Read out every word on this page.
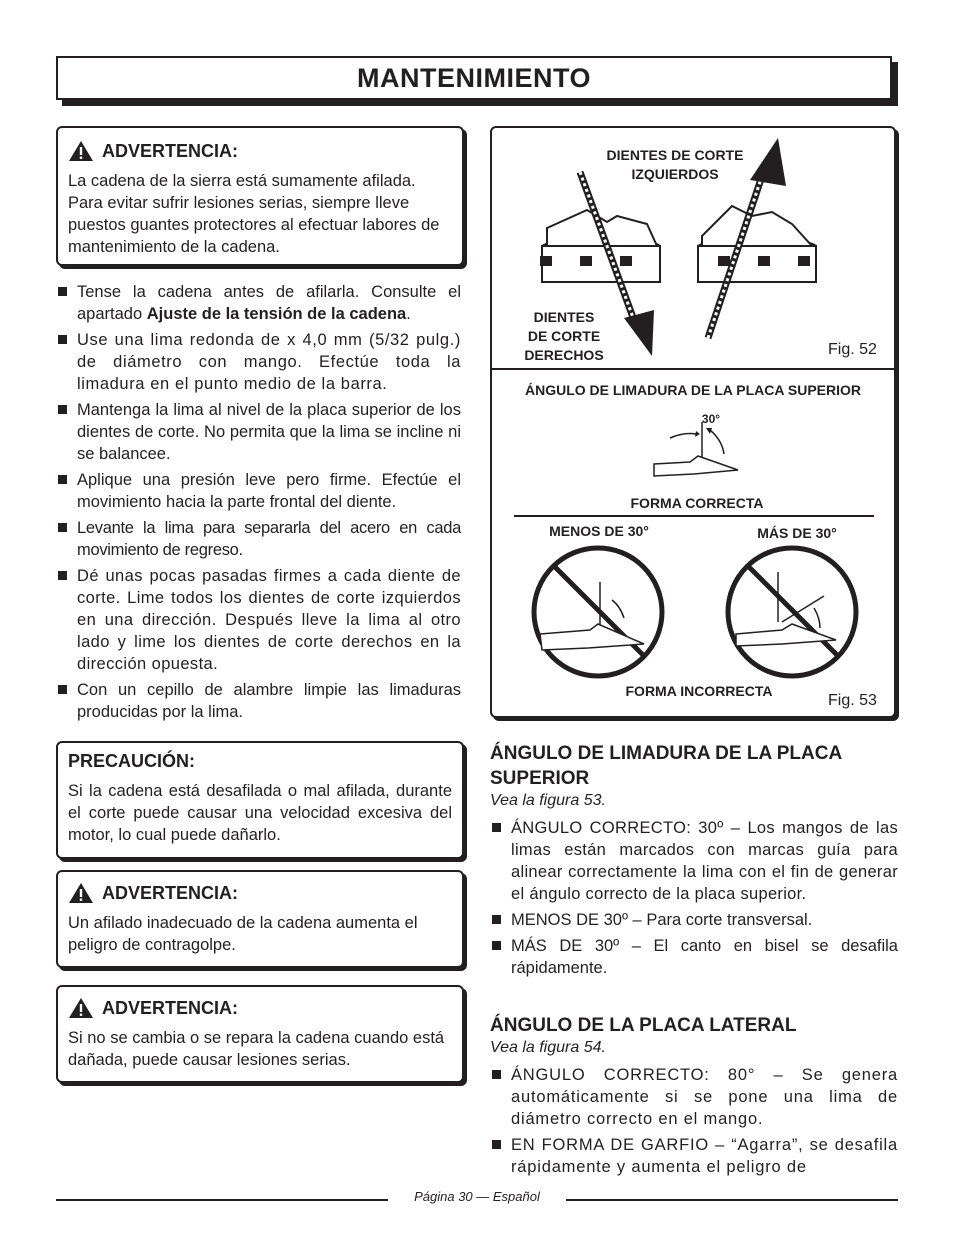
MANTENIMIENTO
ADVERTENCIA:
La cadena de la sierra está sumamente afilada. Para evitar sufrir lesiones serias, siempre lleve puestos guantes protectores al efectuar labores de mantenimiento de la cadena.
Tense la cadena antes de afilarla. Consulte el apartado Ajuste de la tensión de la cadena.
Use una lima redonda de x 4,0 mm (5/32 pulg.) de diámetro con mango. Efectúe toda la limadura en el punto medio de la barra.
Mantenga la lima al nivel de la placa superior de los dientes de corte. No permita que la lima se incline ni se balancee.
Aplique una presión leve pero firme. Efectúe el movimiento hacia la parte frontal del diente.
Levante la lima para separarla del acero en cada movimiento de regreso.
Dé unas pocas pasadas firmes a cada diente de corte. Lime todos los dientes de corte izquierdos en una dirección. Después lleve la lima al otro lado y lime los dientes de corte derechos en la dirección opuesta.
Con un cepillo de alambre limpie las limaduras producidas por la lima.
PRECAUCIÓN:
Si la cadena está desafilada o mal afilada, durante el corte puede causar una velocidad excesiva del motor, lo cual puede dañarlo.
ADVERTENCIA:
Un afilado inadecuado de la cadena aumenta el peligro de contragolpe.
ADVERTENCIA:
Si no se cambia o se repara la cadena cuando está dañada, puede causar lesiones serias.
DIENTES DE CORTE IZQUIERDOS
DIENTES
DE CORTE
DERECHOS	Fig. 52
ÁNGULO DE LIMADURA DE LA PLACA SUPERIOR
30°
FORMA CORRECTA
MENOS DE 30°	MÁS DE 30°
FORMA INCORRECTA
Fig. 53
ÁNGULO DE LIMADURA DE LA PLACA SUPERIOR
Vea la figura 53.
ÁNGULO CORRECTO: 30º – Los mangos de las limas están marcados con marcas guía para alinear correctamente la lima con el fin de generar el ángulo correcto de la placa superior.
MENOS DE 30º – Para corte transversal.
MÁS DE 30º – El canto en bisel se desafila rápidamente.
ÁNGULO DE LA PLACA LATERAL
Vea la figura 54.
ÁNGULO CORRECTO: 80° – Se genera automáticamente si se pone una lima de diámetro correcto en el mango.
EN FORMA DE GARFIO – “Agarra”, se desafila rápidamente y aumenta el peligro de
Página 30 — Español
